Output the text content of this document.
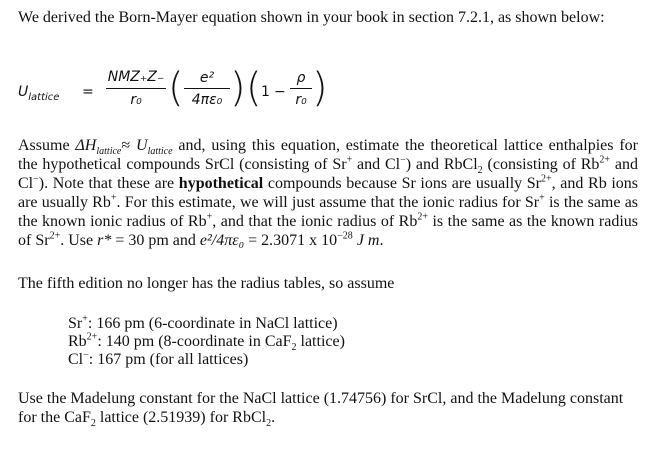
We derived the Born-Mayer equation shown in your book in section 7.2.1, as shown below:

$U_{lattice}$ =
NMZ₊Z₋
r₀ (	e²
4πε₀ ) ( 1 −
ρ
r₀ )

Assume $\Delta H_{lattice}\approx U_{lattice}$ and, using this equation, estimate the theoretical lattice enthalpies for the hypothetical compounds SrCl (consisting of Sr+ and Cl−) and RbCl$_2$ (consisting of $Rb^{2+}$ and Cl−). Note that these are hypothetical compounds because Sr ions are usually $Sr^{2+}$, and Rb ions are usually Rb+. For this estimate, we will just assume that the ionic radius for Sr+ is the same as the known ionic radius of Rb+, and that the ionic radius of $Rb^{2+}$ is the same as the known radius of $Sr^{2+}$. Use r* = 30 pm and e²/4πε₀ = 2.3071 x $10^{-28}$ J m.

The fifth edition no longer has the radius tables, so assume

Sr+: 166 pm (6-coordinate in NaCl lattice)
$Rb^{2+}$: 140 pm (8-coordinate in CaF$_2$ lattice)
Cl−: 167 pm (for all lattices)

Use the Madelung constant for the NaCl lattice (1.74756) for SrCl, and the Madelung constant for the CaF$_2$ lattice (2.51939) for RbCl$_2$.
